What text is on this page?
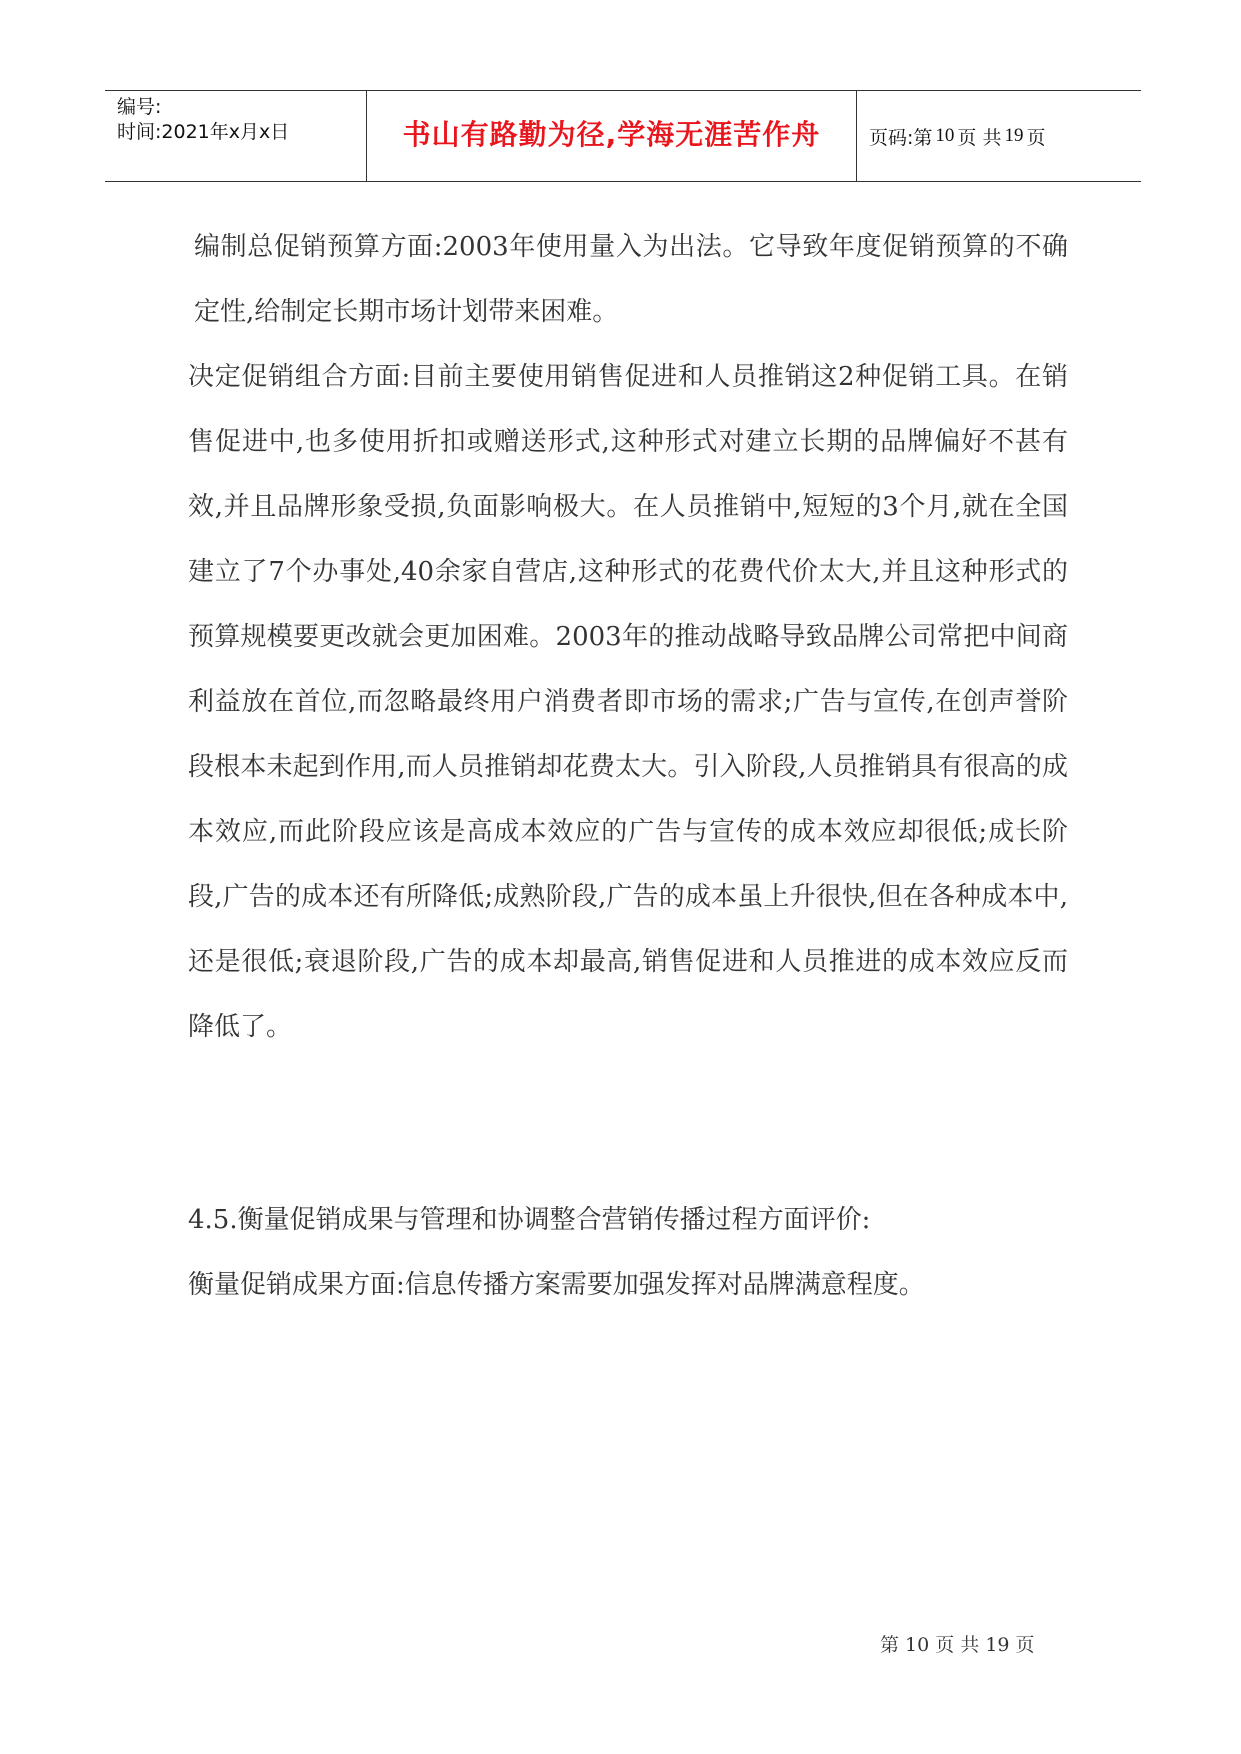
编号:
时间:2021年x月x日	书山有路勤为径,学海无涯苦作舟	页码:第 10 页 共 19 页

编制总促销预算方面:2003年使用量入为出法。它导致年度促销预算的不确定性,给制定长期市场计划带来困难。

决定促销组合方面:目前主要使用销售促进和人员推销这2种促销工具。在销售促进中,也多使用折扣或赠送形式,这种形式对建立长期的品牌偏好不甚有效,并且品牌形象受损,负面影响极大。在人员推销中,短短的3个月,就在全国建立了7个办事处,40余家自营店,这种形式的花费代价太大,并且这种形式的预算规模要更改就会更加困难。2003年的推动战略导致品牌公司常把中间商利益放在首位,而忽略最终用户消费者即市场的需求;广告与宣传,在创声誉阶段根本未起到作用,而人员推销却花费太大。引入阶段,人员推销具有很高的成本效应,而此阶段应该是高成本效应的广告与宣传的成本效应却很低;成长阶段,广告的成本还有所降低;成熟阶段,广告的成本虽上升很快,但在各种成本中,还是很低;衰退阶段,广告的成本却最高,销售促进和人员推进的成本效应反而降低了。

4.5.衡量促销成果与管理和协调整合营销传播过程方面评价:

衡量促销成果方面:信息传播方案需要加强发挥对品牌满意程度。

第 10 页 共 19 页
